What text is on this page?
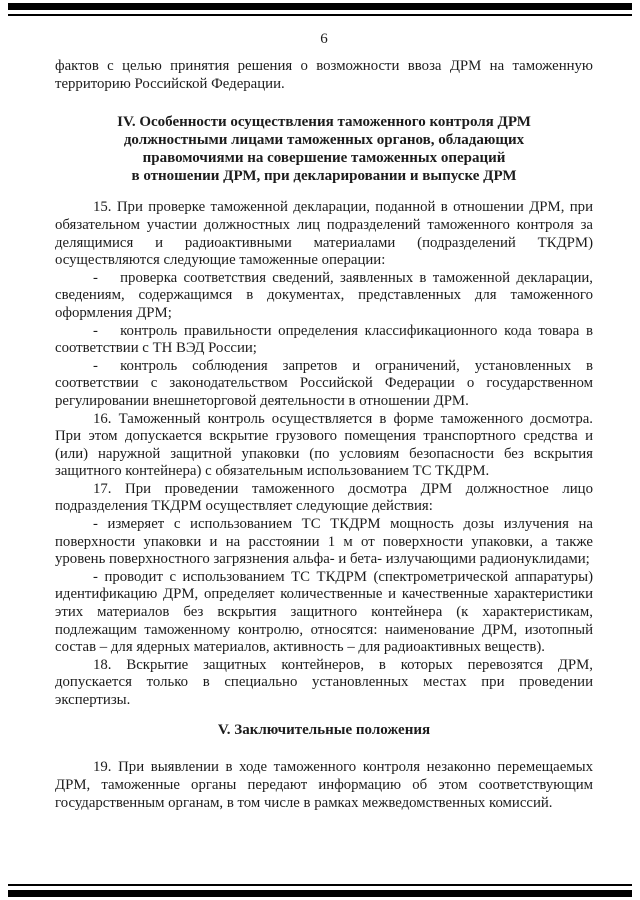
6

фактов с целью принятия решения о возможности ввоза ДРМ на таможенную территорию Российской Федерации.

IV. Особенности осуществления таможенного контроля ДРМ
должностными лицами таможенных органов, обладающих
правомочиями на совершение таможенных операций
в отношении ДРМ, при декларировании и выпуске ДРМ

15. При проверке таможенной декларации, поданной в отношении ДРМ, при обязательном участии должностных лиц подразделений таможенного контроля за делящимися и радиоактивными материалами (подразделений ТКДРМ) осуществляются следующие таможенные операции:

-  проверка соответствия сведений, заявленных в таможенной декларации, сведениям, содержащимся в документах, представленных для таможенного оформления ДРМ;

-  контроль правильности определения классификационного кода товара в соответствии с ТН ВЭД России;

-  контроль соблюдения запретов и ограничений, установленных в соответствии с законодательством Российской Федерации о государственном регулировании внешнеторговой деятельности в отношении ДРМ.

16. Таможенный контроль осуществляется в форме таможенного досмотра. При этом допускается вскрытие грузового помещения транспортного средства и (или) наружной защитной упаковки (по условиям безопасности без вскрытия защитного контейнера) с обязательным использованием ТС ТКДРМ.

17. При проведении таможенного досмотра ДРМ должностное лицо подразделения ТКДРМ осуществляет следующие действия:

- измеряет с использованием ТС ТКДРМ мощность дозы излучения на поверхности упаковки и на расстоянии 1 м от поверхности упаковки, а также уровень поверхностного загрязнения альфа- и бета- излучающими радионуклидами;

- проводит с использованием ТС ТКДРМ (спектрометрической аппаратуры) идентификацию ДРМ, определяет количественные и качественные характеристики этих материалов без вскрытия защитного контейнера (к характеристикам, подлежащим таможенному контролю, относятся: наименование ДРМ, изотопный состав – для ядерных материалов, активность – для радиоактивных веществ).

18. Вскрытие защитных контейнеров, в которых перевозятся ДРМ, допускается только в специально установленных местах при проведении экспертизы.

V. Заключительные положения

19. При выявлении в ходе таможенного контроля незаконно перемещаемых ДРМ, таможенные органы передают информацию об этом соответствующим государственным органам, в том числе в рамках межведомственных комиссий.
